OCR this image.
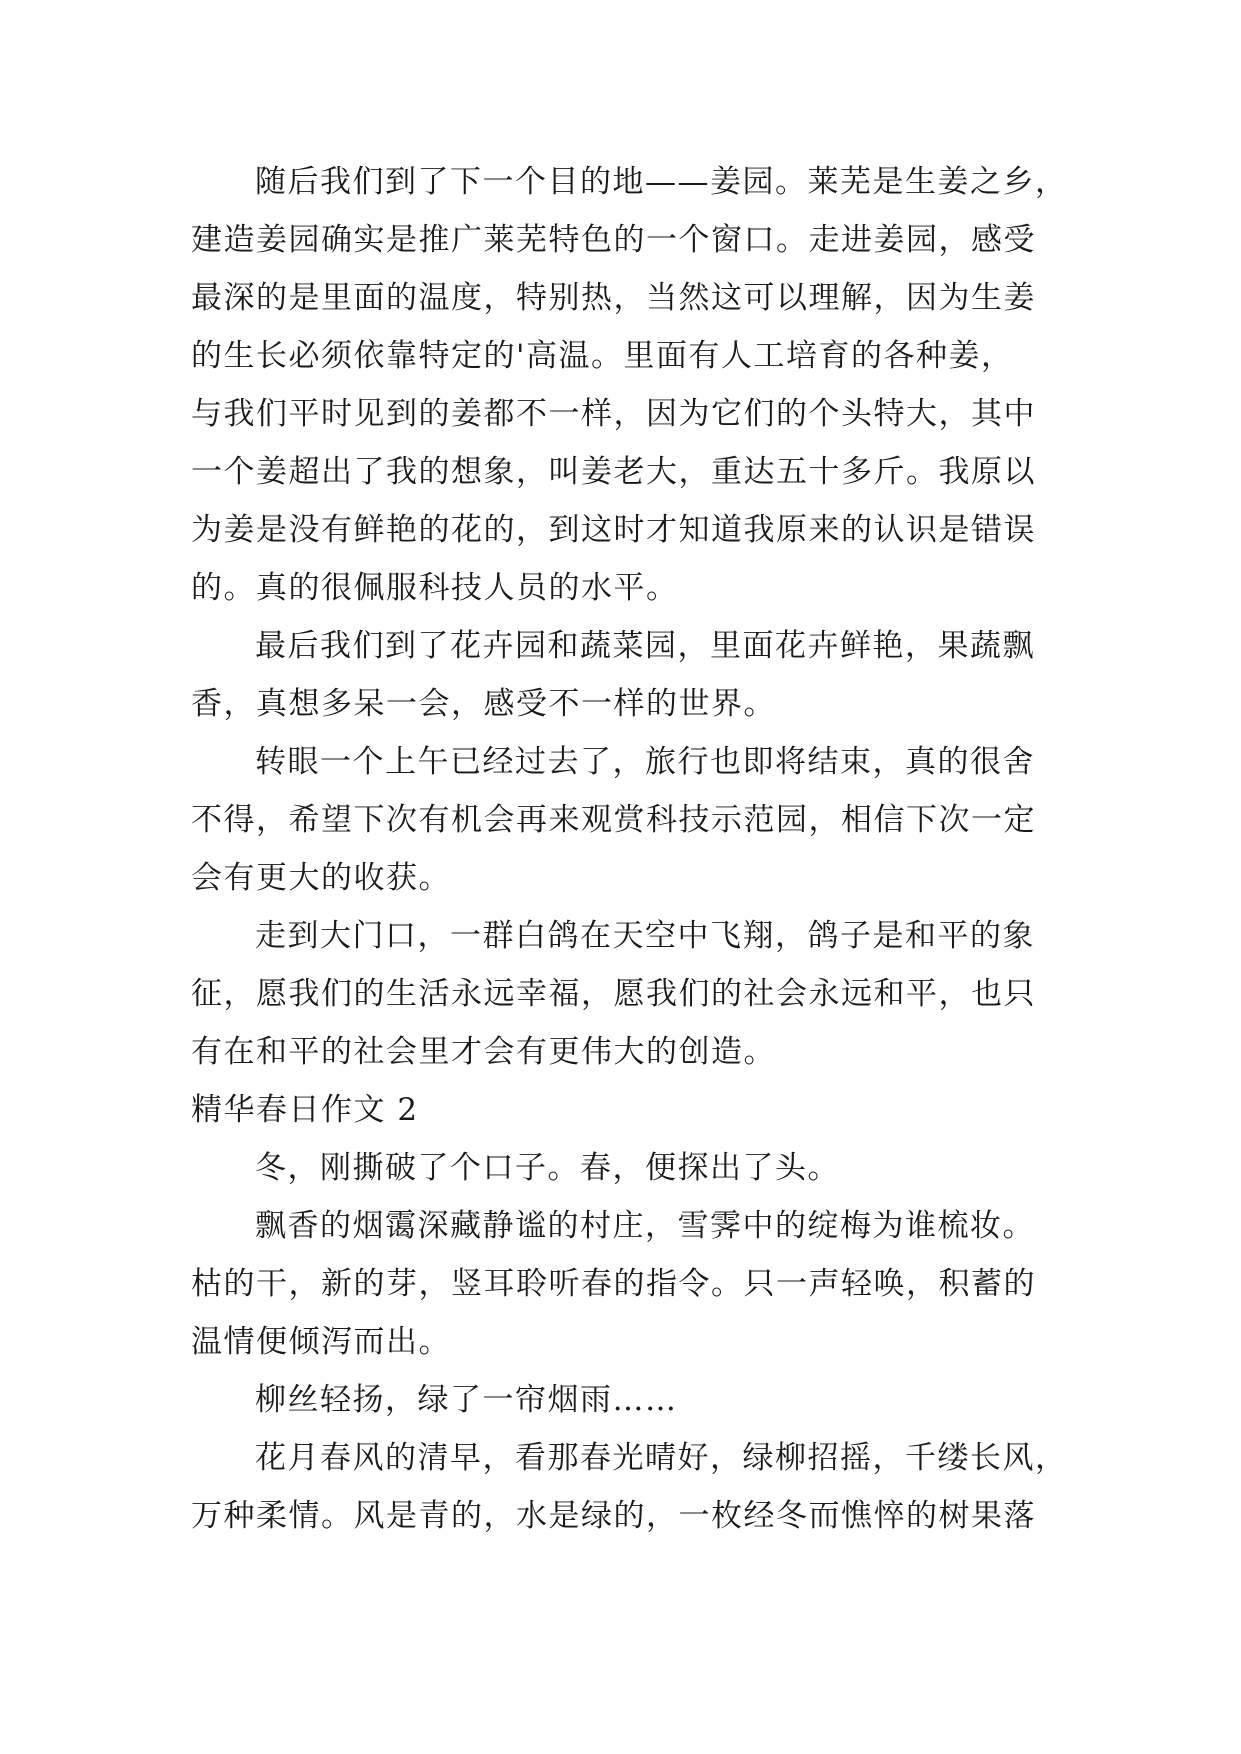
随后我们到了下一个目的地——姜园。莱芜是生姜之乡，
建造姜园确实是推广莱芜特色的一个窗口。走进姜园，感受
最深的是里面的温度，特别热，当然这可以理解，因为生姜
的生长必须依靠特定的'高温。里面有人工培育的各种姜，
与我们平时见到的姜都不一样，因为它们的个头特大，其中
一个姜超出了我的想象，叫姜老大，重达五十多斤。我原以
为姜是没有鲜艳的花的，到这时才知道我原来的认识是错误
的。真的很佩服科技人员的水平。
最后我们到了花卉园和蔬菜园，里面花卉鲜艳，果蔬飘
香，真想多呆一会，感受不一样的世界。
转眼一个上午已经过去了，旅行也即将结束，真的很舍
不得，希望下次有机会再来观赏科技示范园，相信下次一定
会有更大的收获。
走到大门口，一群白鸽在天空中飞翔，鸽子是和平的象
征，愿我们的生活永远幸福，愿我们的社会永远和平，也只
有在和平的社会里才会有更伟大的创造。
精华春日作文 2
冬，刚撕破了个口子。春，便探出了头。
飘香的烟霭深藏静谧的村庄，雪霁中的绽梅为谁梳妆。
枯的干，新的芽，竖耳聆听春的指令。只一声轻唤，积蓄的
温情便倾泻而出。
柳丝轻扬，绿了一帘烟雨……
花月春风的清早，看那春光晴好，绿柳招摇，千缕长风，
万种柔情。风是青的，水是绿的，一枚经冬而憔悴的树果落
